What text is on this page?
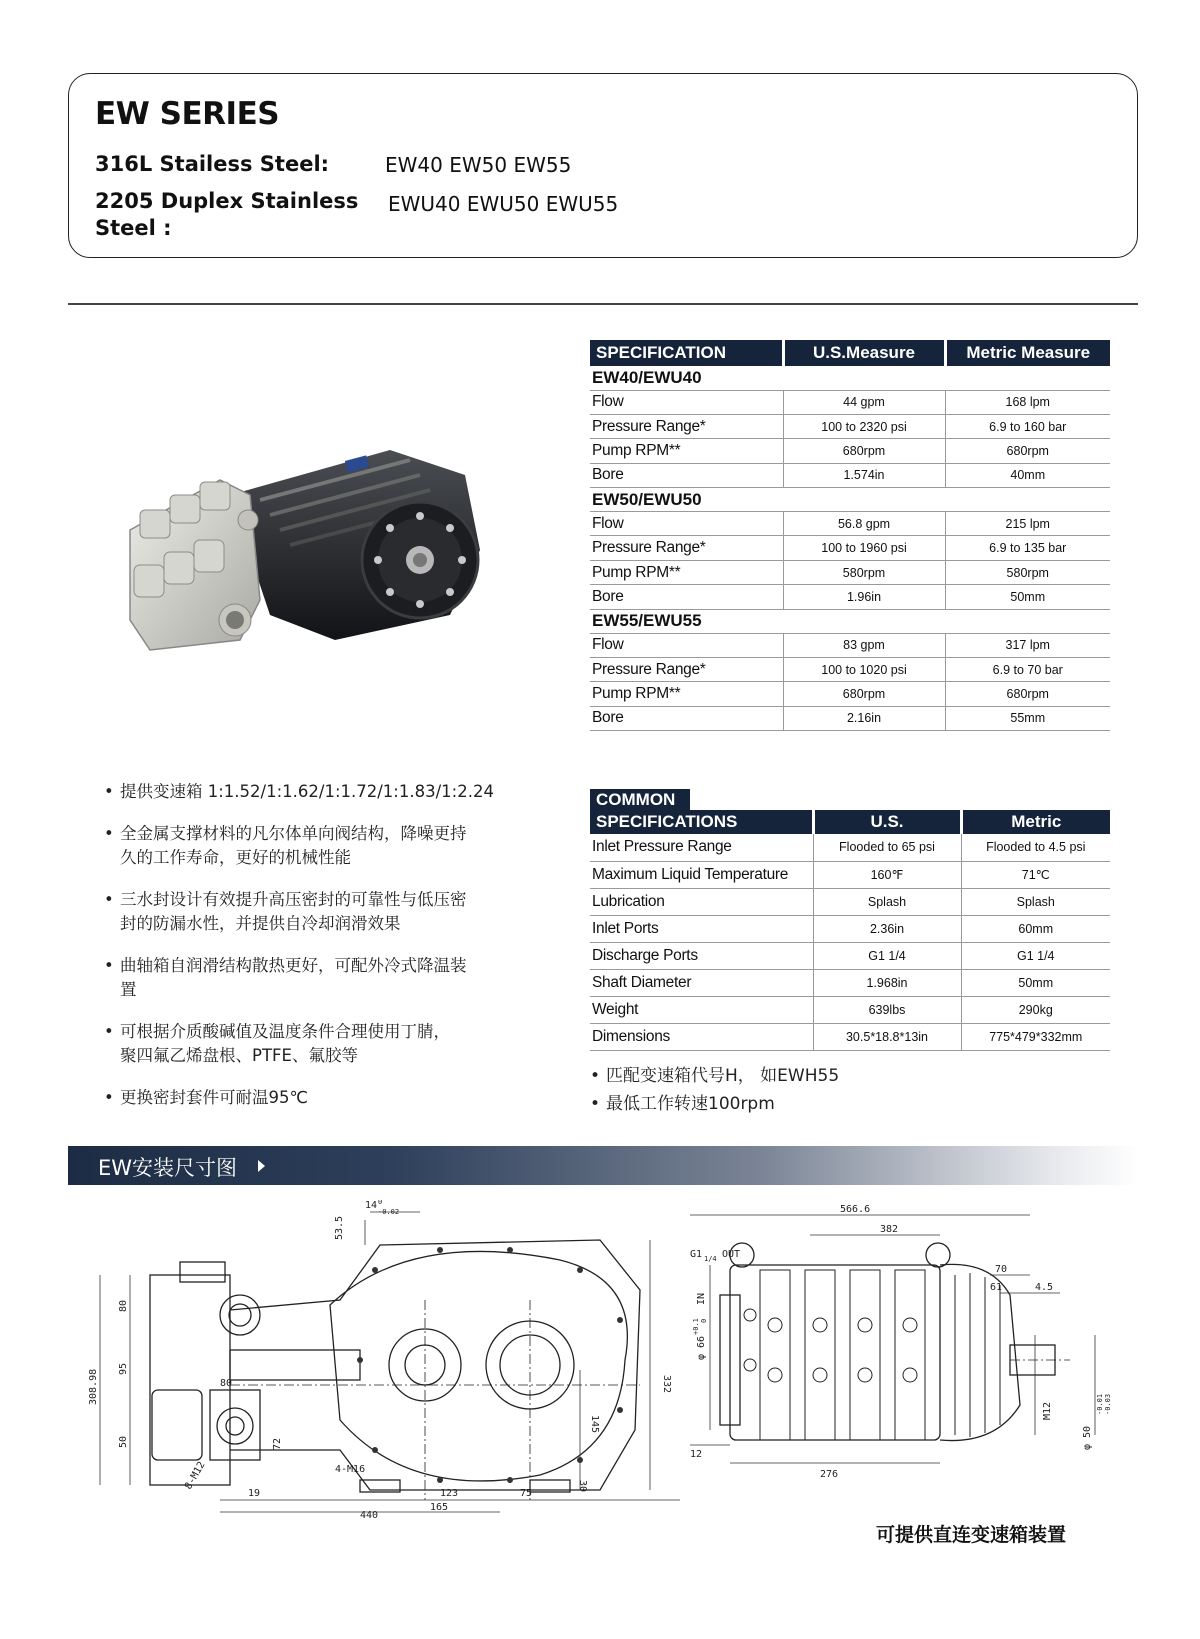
EW SERIES
316L Stailess Steel:	EW40 EW50 EW55
2205 Duplex Stainless
Steel :
EWU40 EWU50 EWU55
SPECIFICATION	U.S.Measure	Metric Measure
EW40/EWU40		
Flow	44 gpm	168 lpm
Pressure Range*	100 to 2320 psi	6.9 to 160 bar
Pump RPM**	680rpm	680rpm
Bore	1.574in	40mm
EW50/EWU50		
Flow	56.8 gpm	215 lpm
Pressure Range*	100 to 1960 psi	6.9 to 135 bar
Pump RPM**	580rpm	580rpm
Bore	1.96in	50mm
EW55/EWU55		
Flow	83 gpm	317 lpm
Pressure Range*	100 to 1020 psi	6.9 to 70 bar
Pump RPM**	680rpm	680rpm
Bore	2.16in	55mm
COMMON
SPECIFICATIONS	U.S.	Metric
Inlet Pressure Range	Flooded to 65 psi	Flooded to 4.5 psi
Maximum Liquid Temperature	160℉	71℃
Lubrication	Splash	Splash
Inlet Ports	2.36in	60mm
Discharge Ports	G1 1/4	G1 1/4
Shaft Diameter	1.968in	50mm
Weight	639lbs	290kg
Dimensions	30.5*18.8*13in	775*479*332mm
• 提供变速箱 1:1.52/1:1.62/1:1.72/1:1.83/1:2.24
• 全金属支撑材料的凡尔体单向阀结构，降噪更持
久的工作寿命，更好的机械性能
• 三水封设计有效提升高压密封的可靠性与低压密
封的防漏水性，并提供自冷却润滑效果
• 曲轴箱自润滑结构散热更好，可配外冷式降温装
置
• 可根据介质酸碱值及温度条件合理使用丁腈，
聚四氟乙烯盘根、PTFE、氟胶等
• 更换密封套件可耐温95℃
• 匹配变速箱代号H， 如EWH55
• 最低工作转速100rpm
EW安装尺寸图
14 0
-0.02
53.5
332
145
30
308.98
80
95
50
80
72
19	123	75
165
440
4-M16
8-M12
566.6
382
70
61	4.5
G1 1/4 OUT
φ 66
+0.1 0
IN
276
12
M12
φ 50
-0.01 -0.03
可提供直连变速箱装置
